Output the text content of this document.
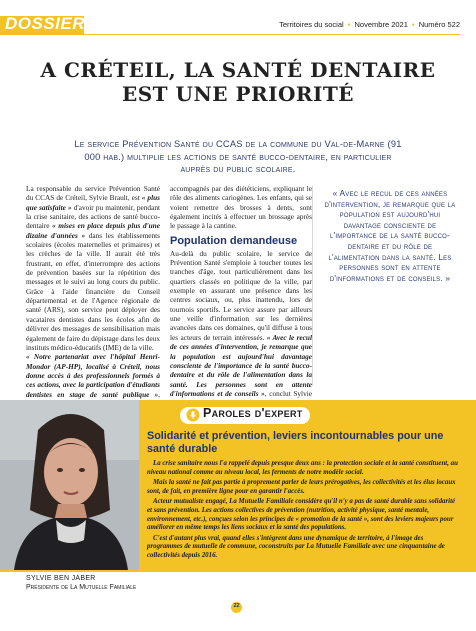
DOSSIER	Territoires du social • Novembre 2021 • Numéro 522
A CRÉTEIL, LA SANTÉ DENTAIRE
EST UNE PRIORITÉ
Le service Prévention Santé du CCAS de la commune du Val-de-Marne (91 000 hab.) multiplie les actions de santé bucco-dentaire, en particulier auprès du public scolaire.

La responsable du service Prévention Santé du CCAS de Créteil, Sylvie Brault, est « plus que satisfaite » d'avoir pu maintenir, pendant la crise sanitaire, des actions de santé bucco-dentaire « mises en place depuis plus d'une dizaine d'années » dans les établissements scolaires (écoles maternelles et primaires) et les crèches de la ville. Il aurait été très frustrant, en effet, d'interrompre des actions de prévention basées sur la répétition des messages et le suivi au long cours du public. Grâce à l'aide financière du Conseil départemental et de l'Agence régionale de santé (ARS), son service peut déployer des vacataires dentistes dans les écoles afin de délivrer des messages de sensibilisation mais également de faire du dépistage dans les deux instituts médico-éducatifs (IME) de la ville.

« Notre partenariat avec l'hôpital Henri-Mondor (AP-HP), localisé à Créteil, nous donne accès à des professionnels formés à ces actions, avec la participation d'étudiants dentistes en stage de santé publique »,

accompagnés par des diététiciens, expliquant le rôle des aliments cariogènes. Les enfants, qui se voient remettre des brosses à dents, sont également incités à effectuer un brossage après le passage à la cantine.

Population demandeuse

Au-delà du public scolaire, le service de Prévention Santé s'emploie à toucher toutes les tranches d'âge, tout particulièrement dans les quartiers classés en politique de la ville, par exemple en assurant une présence dans les centres sociaux, ou, plus inattendu, lors de tournois sportifs. Le service assure par ailleurs une veille d'information sur les dernières avancées dans ces domaines, qu'il diffuse à tous les acteurs de terrain intéressés. « Avec le recul de ces années d'intervention, je remarque que la population est aujourd'hui davantage consciente de l'importance de la santé bucco-dentaire et du rôle de l'alimentation dans la santé. Les personnes sont en attente d'informations et de conseils », conclut Sylvie

« Avec le recul de ces années d'intervention, je remarque que la population est aujourd'hui davantage consciente de l'importance de la santé bucco-dentaire et du rôle de l'alimentation dans la santé. Les personnes sont en attente d'informations et de conseils. »
Paroles d'expert
Solidarité et prévention, leviers incontournables pour une santé durable

La crise sanitaire nous l'a rappelé depuis presque deux ans : la protection sociale et la santé constituent, au niveau national comme au niveau local, les ferments de notre modèle social.

Mais la santé ne fait pas partie à proprement parler de leurs prérogatives, les collectivités et les élus locaux sont, de fait, en première ligne pour en garantir l'accès.

Acteur mutualiste engagé, La Mutuelle Familiale considère qu'il n'y a pas de santé durable sans solidarité et sans prévention. Les actions collectives de prévention (nutrition, activité physique, santé mentale, environnement, etc.), conçues selon les principes de « promotion de la santé », sont des leviers majeurs pour améliorer en même temps les liens sociaux et la santé des populations.

C'est d'autant plus vrai, quand elles s'intègrent dans une dynamique de territoire, à l'image des programmes de mutuelle de commune, coconstruits par La Mutuelle Familiale avec une cinquantaine de collectivités depuis 2016.

SYLVIE BEN JABER
Présidente de La Mutuelle Familiale
22
